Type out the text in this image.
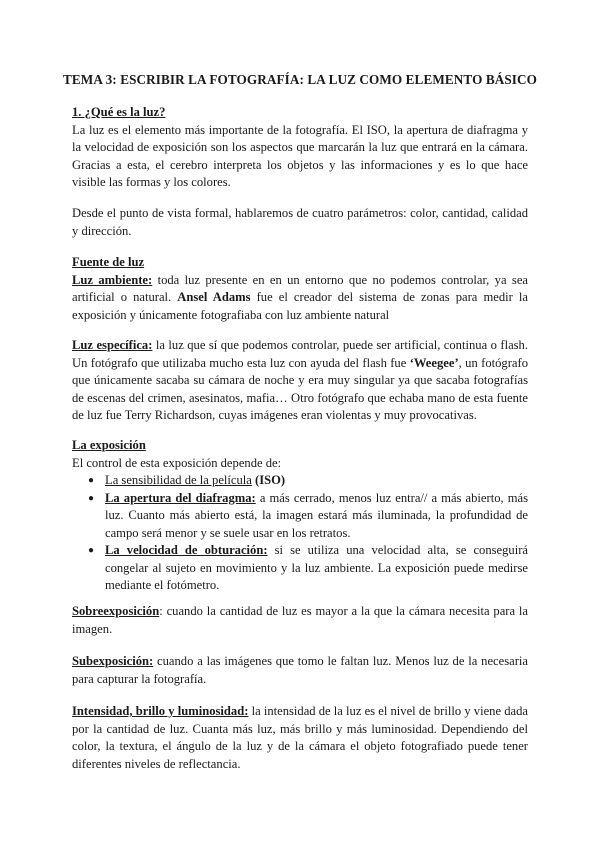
TEMA 3: ESCRIBIR LA FOTOGRAFÍA: LA LUZ COMO ELEMENTO BÁSICO
1. ¿Qué es la luz?
La luz es el elemento más importante de la fotografía. El ISO, la apertura de diafragma y la velocidad de exposición son los aspectos que marcarán la luz que entrará en la cámara. Gracias a esta, el cerebro interpreta los objetos y las informaciones y es lo que hace visible las formas y los colores.
Desde el punto de vista formal, hablaremos de cuatro parámetros: color, cantidad, calidad y dirección.
Fuente de luz
Luz ambiente: toda luz presente en en un entorno que no podemos controlar, ya sea artificial o natural. Ansel Adams fue el creador del sistema de zonas para medir la exposición y únicamente fotografiaba con luz ambiente natural
Luz específica: la luz que sí que podemos controlar, puede ser artificial, continua o flash. Un fotógrafo que utilizaba mucho esta luz con ayuda del flash fue ‘Weegee’, un fotógrafo que únicamente sacaba su cámara de noche y era muy singular ya que sacaba fotografías de escenas del crimen, asesinatos, mafia… Otro fotógrafo que echaba mano de esta fuente de luz fue Terry Richardson, cuyas imágenes eran violentas y muy provocativas.
La exposición
El control de esta exposición depende de:
● La sensibilidad de la película (ISO)
● La apertura del diafragma: a más cerrado, menos luz entra// a más abierto, más luz. Cuanto más abierto está, la imagen estará más iluminada, la profundidad de campo será menor y se suele usar en los retratos.
● La velocidad de obturación: si se utiliza una velocidad alta, se conseguirá congelar al sujeto en movimiento y la luz ambiente. La exposición puede medirse mediante el fotómetro.
Sobreexposición: cuando la cantidad de luz es mayor a la que la cámara necesita para la imagen.
Subexposición: cuando a las imágenes que tomo le faltan luz. Menos luz de la necesaria para capturar la fotografía.
Intensidad, brillo y luminosidad: la intensidad de la luz es el nivel de brillo y viene dada por la cantidad de luz. Cuanta más luz, más brillo y más luminosidad. Dependiendo del color, la textura, el ángulo de la luz y de la cámara el objeto fotografiado puede tener diferentes niveles de reflectancia.
